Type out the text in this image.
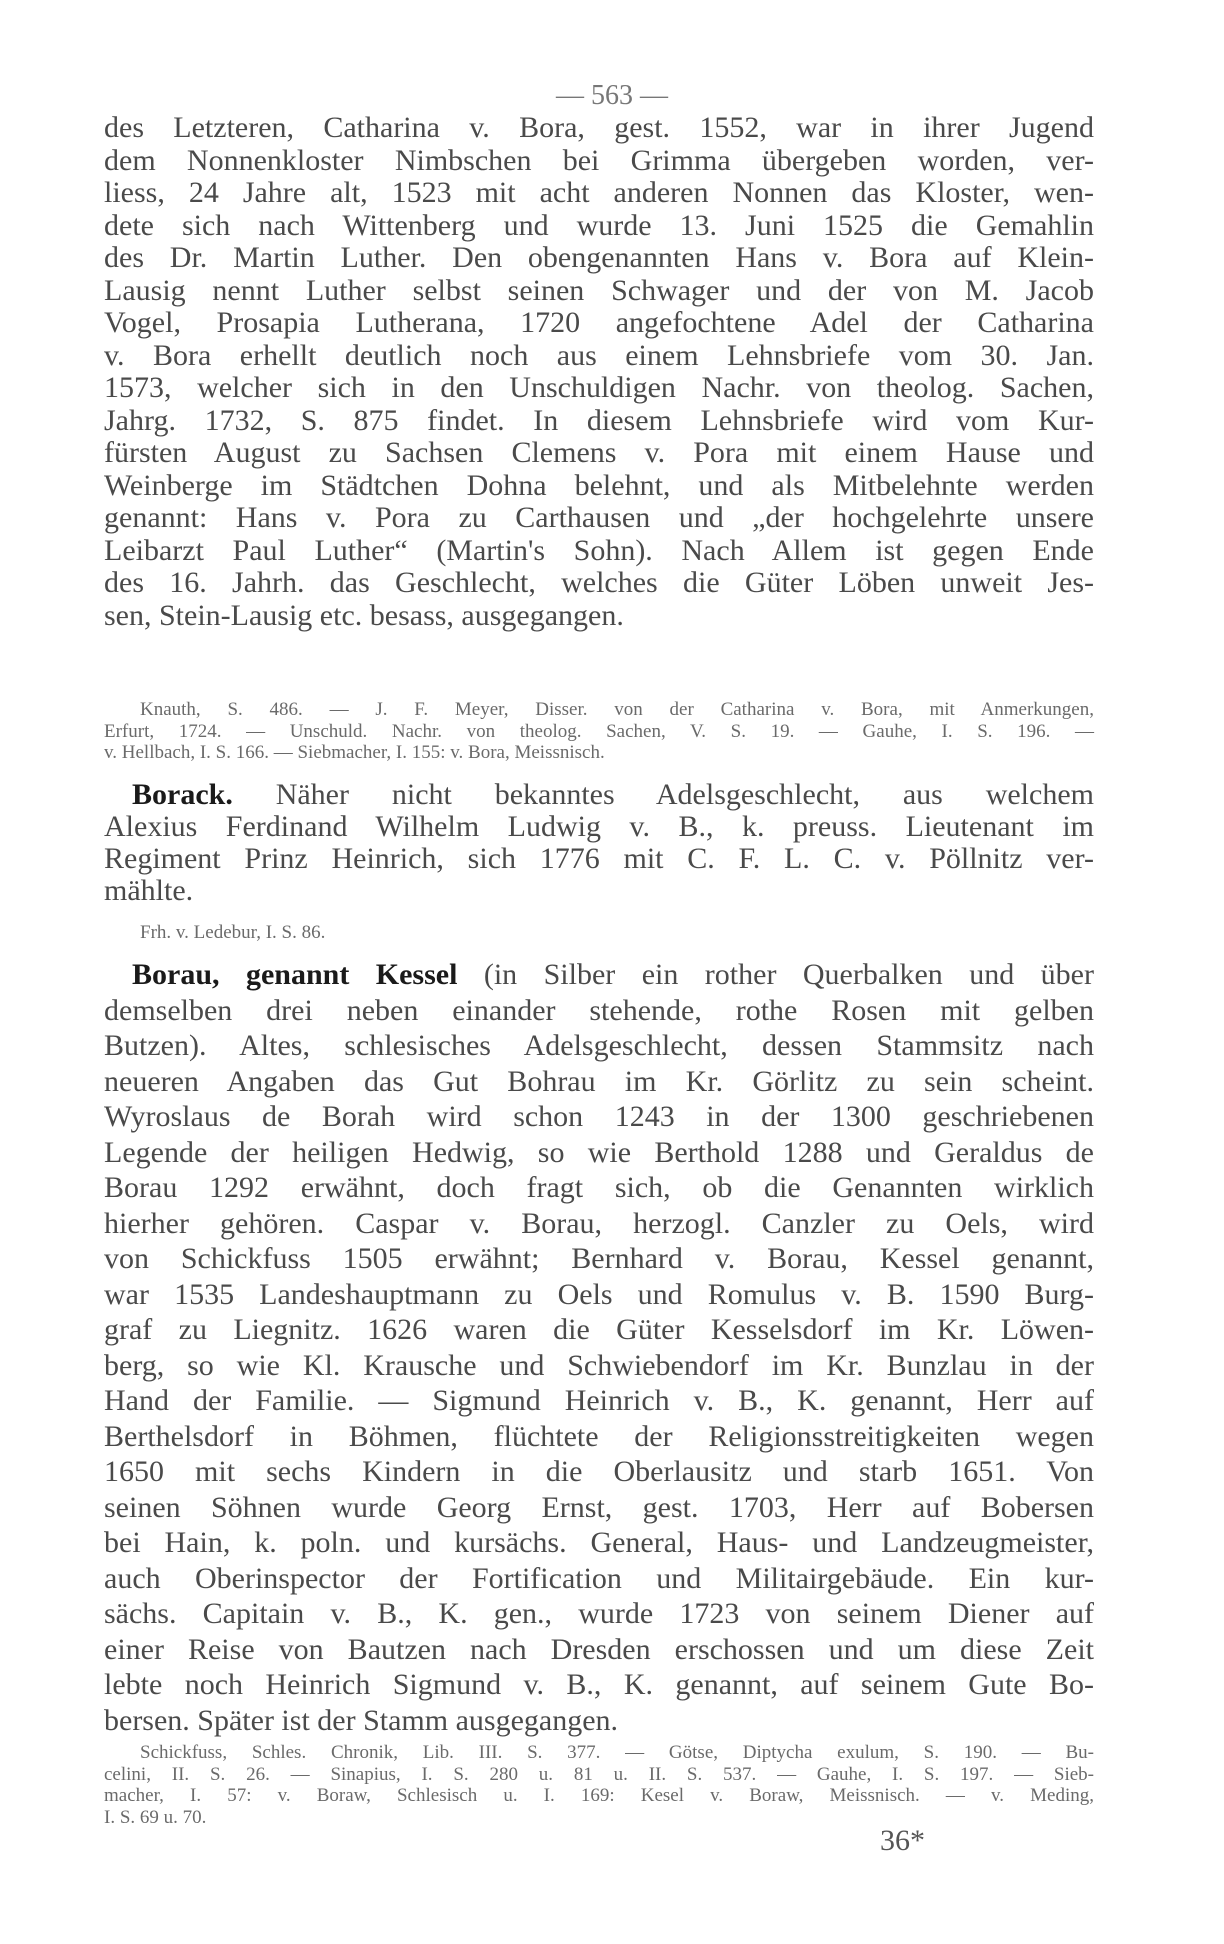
— 563 —
des Letzteren, Catharina v. Bora, gest. 1552, war in ihrer Jugend
dem Nonnenkloster Nimbschen bei Grimma übergeben worden, ver-
liess, 24 Jahre alt, 1523 mit acht anderen Nonnen das Kloster, wen-
dete sich nach Wittenberg und wurde 13. Juni 1525 die Gemahlin
des Dr. Martin Luther. Den obengenannten Hans v. Bora auf Klein-
Lausig nennt Luther selbst seinen Schwager und der von M. Jacob
Vogel, Prosapia Lutherana, 1720 angefochtene Adel der Catharina
v. Bora erhellt deutlich noch aus einem Lehnsbriefe vom 30. Jan.
1573, welcher sich in den Unschuldigen Nachr. von theolog. Sachen,
Jahrg. 1732, S. 875 findet. In diesem Lehnsbriefe wird vom Kur-
fürsten August zu Sachsen Clemens v. Pora mit einem Hause und
Weinberge im Städtchen Dohna belehnt, und als Mitbelehnte werden
genannt: Hans v. Pora zu Carthausen und „der hochgelehrte unsere
Leibarzt Paul Luther“ (Martin's Sohn). Nach Allem ist gegen Ende
des 16. Jahrh. das Geschlecht, welches die Güter Löben unweit Jes-
sen, Stein-Lausig etc. besass, ausgegangen.
Knauth, S. 486. — J. F. Meyer, Disser. von der Catharina v. Bora, mit Anmerkungen,
Erfurt, 1724. — Unschuld. Nachr. von theolog. Sachen, V. S. 19. — Gauhe, I. S. 196. —
v. Hellbach, I. S. 166. — Siebmacher, I. 155: v. Bora, Meissnisch.
Borack. Näher nicht bekanntes Adelsgeschlecht, aus welchem
Alexius Ferdinand Wilhelm Ludwig v. B., k. preuss. Lieutenant im
Regiment Prinz Heinrich, sich 1776 mit C. F. L. C. v. Pöllnitz ver-
mählte.
Frh. v. Ledebur, I. S. 86.
Borau, genannt Kessel (in Silber ein rother Querbalken und über
demselben drei neben einander stehende, rothe Rosen mit gelben
Butzen). Altes, schlesisches Adelsgeschlecht, dessen Stammsitz nach
neueren Angaben das Gut Bohrau im Kr. Görlitz zu sein scheint.
Wyroslaus de Borah wird schon 1243 in der 1300 geschriebenen
Legende der heiligen Hedwig, so wie Berthold 1288 und Geraldus de
Borau 1292 erwähnt, doch fragt sich, ob die Genannten wirklich
hierher gehören. Caspar v. Borau, herzogl. Canzler zu Oels, wird
von Schickfuss 1505 erwähnt; Bernhard v. Borau, Kessel genannt,
war 1535 Landeshauptmann zu Oels und Romulus v. B. 1590 Burg-
graf zu Liegnitz. 1626 waren die Güter Kesselsdorf im Kr. Löwen-
berg, so wie Kl. Krausche und Schwiebendorf im Kr. Bunzlau in der
Hand der Familie. — Sigmund Heinrich v. B., K. genannt, Herr auf
Berthelsdorf in Böhmen, flüchtete der Religionsstreitigkeiten wegen
1650 mit sechs Kindern in die Oberlausitz und starb 1651. Von
seinen Söhnen wurde Georg Ernst, gest. 1703, Herr auf Bobersen
bei Hain, k. poln. und kursächs. General, Haus- und Landzeugmeister,
auch Oberinspector der Fortification und Militairgebäude. Ein kur-
sächs. Capitain v. B., K. gen., wurde 1723 von seinem Diener auf
einer Reise von Bautzen nach Dresden erschossen und um diese Zeit
lebte noch Heinrich Sigmund v. B., K. genannt, auf seinem Gute Bo-
bersen. Später ist der Stamm ausgegangen.
Schickfuss, Schles. Chronik, Lib. III. S. 377. — Götse, Diptycha exulum, S. 190. — Bu-
celini, II. S. 26. — Sinapius, I. S. 280 u. 81 u. II. S. 537. — Gauhe, I. S. 197. — Sieb-
macher, I. 57: v. Boraw, Schlesisch u. I. 169: Kesel v. Boraw, Meissnisch. — v. Meding,
I. S. 69 u. 70.
36*
